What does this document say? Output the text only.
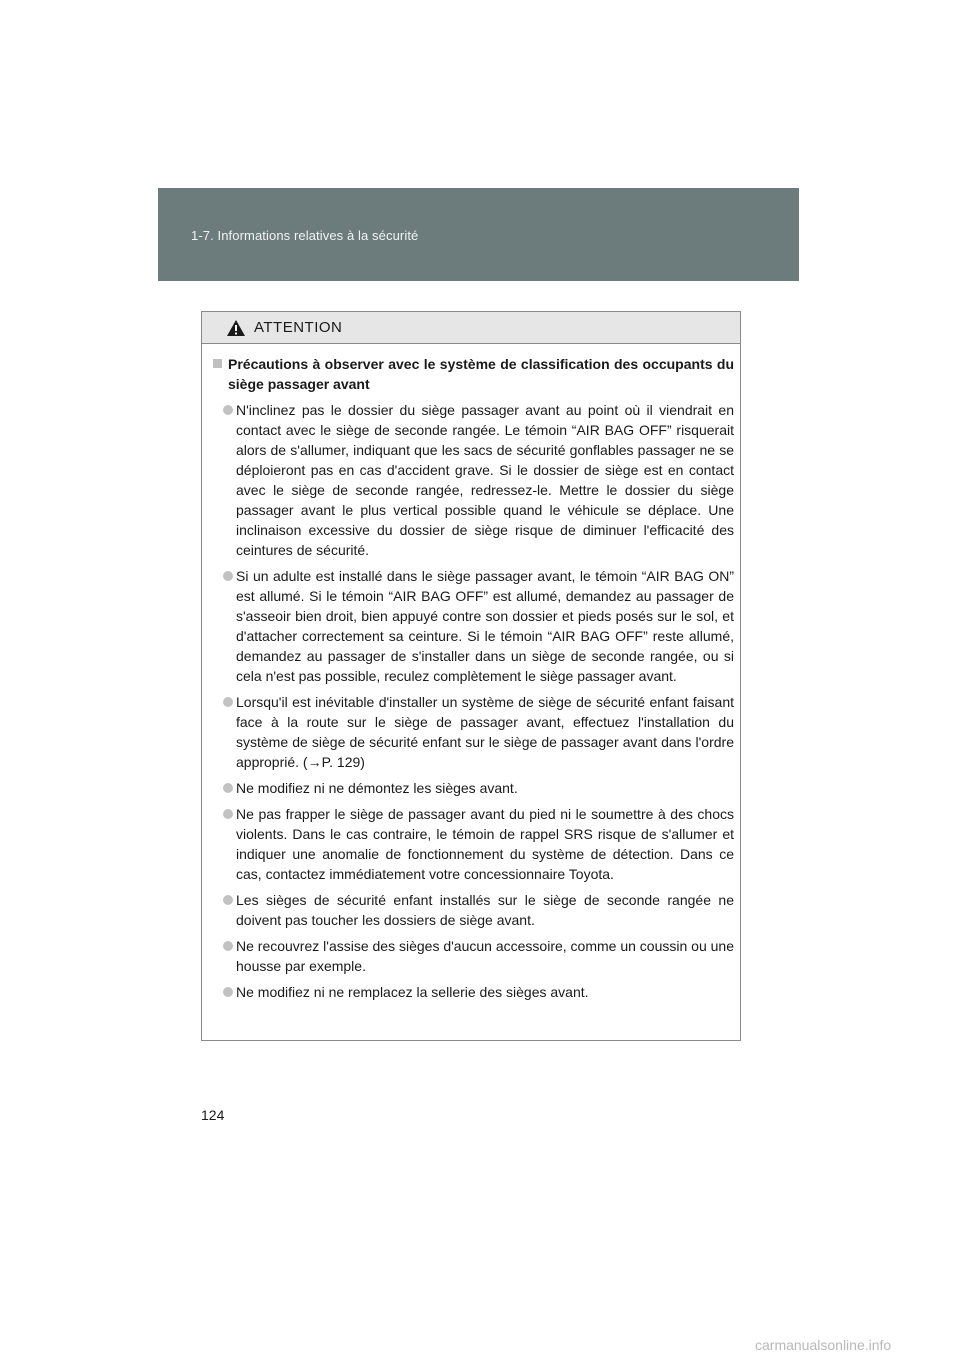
1-7. Informations relatives à la sécurité
ATTENTION
Précautions à observer avec le système de classification des occupants du siège passager avant
N'inclinez pas le dossier du siège passager avant au point où il viendrait en contact avec le siège de seconde rangée. Le témoin “AIR BAG OFF” risquerait alors de s'allumer, indiquant que les sacs de sécurité gonflables passager ne se déploieront pas en cas d'accident grave. Si le dossier de siège est en contact avec le siège de seconde rangée, redressez-le. Mettre le dossier du siège passager avant le plus vertical possible quand le véhicule se déplace. Une inclinaison excessive du dossier de siège risque de diminuer l'efficacité des ceintures de sécurité.
Si un adulte est installé dans le siège passager avant, le témoin “AIR BAG ON” est allumé. Si le témoin “AIR BAG OFF” est allumé, demandez au passager de s'asseoir bien droit, bien appuyé contre son dossier et pieds posés sur le sol, et d'attacher correctement sa ceinture. Si le témoin “AIR BAG OFF” reste allumé, demandez au passager de s'installer dans un siège de seconde rangée, ou si cela n'est pas possible, reculez complètement le siège passager avant.
Lorsqu'il est inévitable d'installer un système de siège de sécurité enfant faisant face à la route sur le siège de passager avant, effectuez l'installation du système de siège de sécurité enfant sur le siège de passager avant dans l'ordre approprié. (→P. 129)
Ne modifiez ni ne démontez les sièges avant.
Ne pas frapper le siège de passager avant du pied ni le soumettre à des chocs violents. Dans le cas contraire, le témoin de rappel SRS risque de s'allumer et indiquer une anomalie de fonctionnement du système de détection. Dans ce cas, contactez immédiatement votre concessionnaire Toyota.
Les sièges de sécurité enfant installés sur le siège de seconde rangée ne doivent pas toucher les dossiers de siège avant.
Ne recouvrez l'assise des sièges d'aucun accessoire, comme un coussin ou une housse par exemple.
Ne modifiez ni ne remplacez la sellerie des sièges avant.
124
carmanualsonline.info
